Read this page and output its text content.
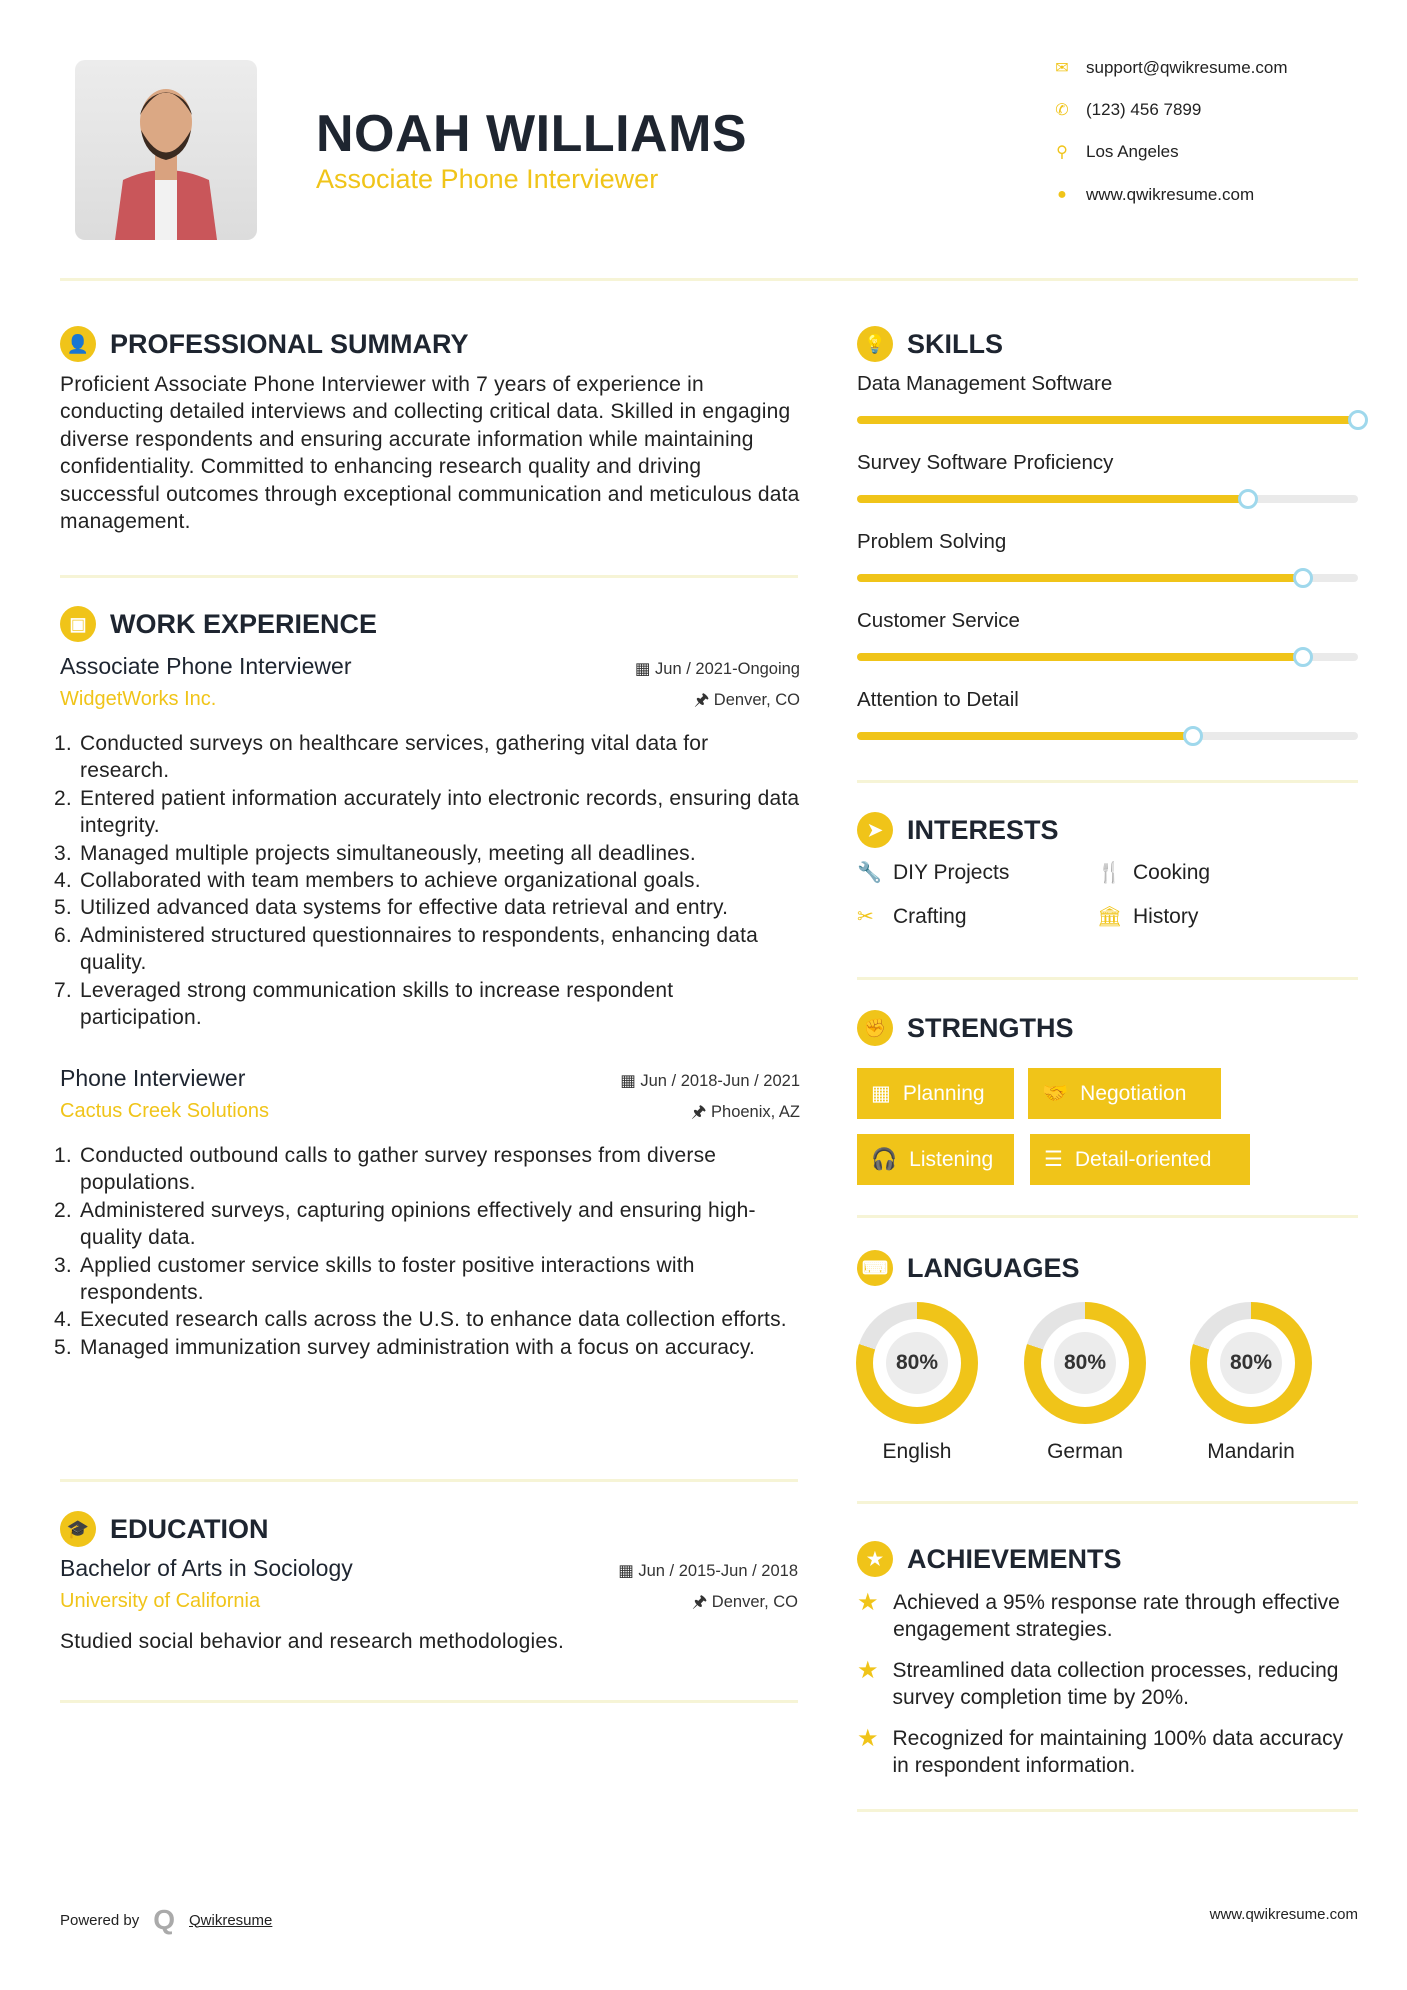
NOAH WILLIAMS
Associate Phone Interviewer
✉ support@qwikresume.com
✆ (123) 456 7899
⚲ Los Angeles
●	www.qwikresume.com
👤 PROFESSIONAL SUMMARY
Proficient Associate Phone Interviewer with 7 years of experience in conducting detailed interviews and collecting critical data. Skilled in engaging diverse respondents and ensuring accurate information while maintaining confidentiality. Committed to enhancing research quality and driving successful outcomes through exceptional communication and meticulous data management.
▣ WORK EXPERIENCE
Associate Phone Interviewer	▦ Jun / 2021-Ongoing
WidgetWorks Inc.	🖈 Denver, CO
1. Conducted surveys on healthcare services, gathering vital data for research.
2. Entered patient information accurately into electronic records, ensuring data integrity.
3. Managed multiple projects simultaneously, meeting all deadlines.
4. Collaborated with team members to achieve organizational goals.
5. Utilized advanced data systems for effective data retrieval and entry.
6. Administered structured questionnaires to respondents, enhancing data quality.
7. Leveraged strong communication skills to increase respondent participation.
Phone Interviewer	▦ Jun / 2018-Jun / 2021
Cactus Creek Solutions	🖈 Phoenix, AZ
1. Conducted outbound calls to gather survey responses from diverse populations.
2. Administered surveys, capturing opinions effectively and ensuring high-quality data.
3. Applied customer service skills to foster positive interactions with respondents.
4. Executed research calls across the U.S. to enhance data collection efforts.
5. Managed immunization survey administration with a focus on accuracy.
🎓 EDUCATION
Bachelor of Arts in Sociology	▦ Jun / 2015-Jun / 2018
University of California	🖈 Denver, CO
Studied social behavior and research methodologies.
💡 SKILLS
Data Management Software
Survey Software Proficiency
Problem Solving
Customer Service
Attention to Detail
➤ INTERESTS
🔧 DIY Projects	🍴 Cooking
✂ Crafting	🏛 History
✊ STRENGTHS
▦ Planning	🤝 Negotiation
🎧 Listening ☰ Detail-oriented
⌨ LANGUAGES
80%
English
80%
German
80%
Mandarin
★ ACHIEVEMENTS
★ Achieved a 95% response rate through effective engagement strategies.
★ Streamlined data collection processes, reducing survey completion time by 20%.
★ Recognized for maintaining 100% data accuracy in respondent information.
Powered by Q Qwikresume	www.qwikresume.com
